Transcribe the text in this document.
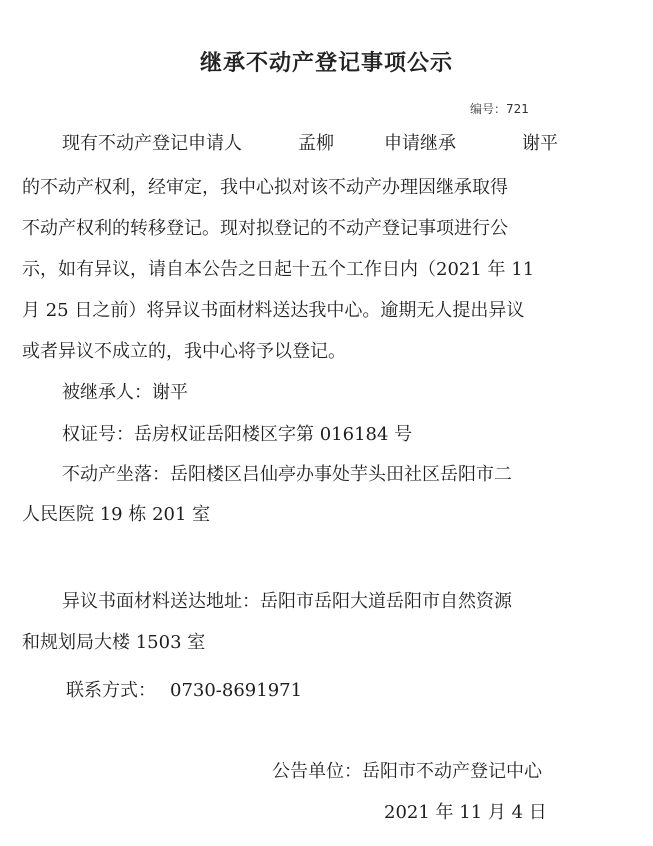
继承不动产登记事项公示
编号：721
现有不动产登记申请人	孟柳	申请继承	谢平
的不动产权利，经审定，我中心拟对该不动产办理因继承取得
不动产权利的转移登记。现对拟登记的不动产登记事项进行公
示，如有异议，请自本公告之日起十五个工作日内（2021 年 11
月 25 日之前）将异议书面材料送达我中心。逾期无人提出异议
或者异议不成立的，我中心将予以登记。
被继承人：谢平
权证号：岳房权证岳阳楼区字第 016184 号
不动产坐落：岳阳楼区吕仙亭办事处芋头田社区岳阳市二
人民医院 19 栋 201 室
异议书面材料送达地址：岳阳市岳阳大道岳阳市自然资源
和规划局大楼 1503 室
联系方式： 0730-8691971
公告单位：岳阳市不动产登记中心
2021 年 11 月 4 日
